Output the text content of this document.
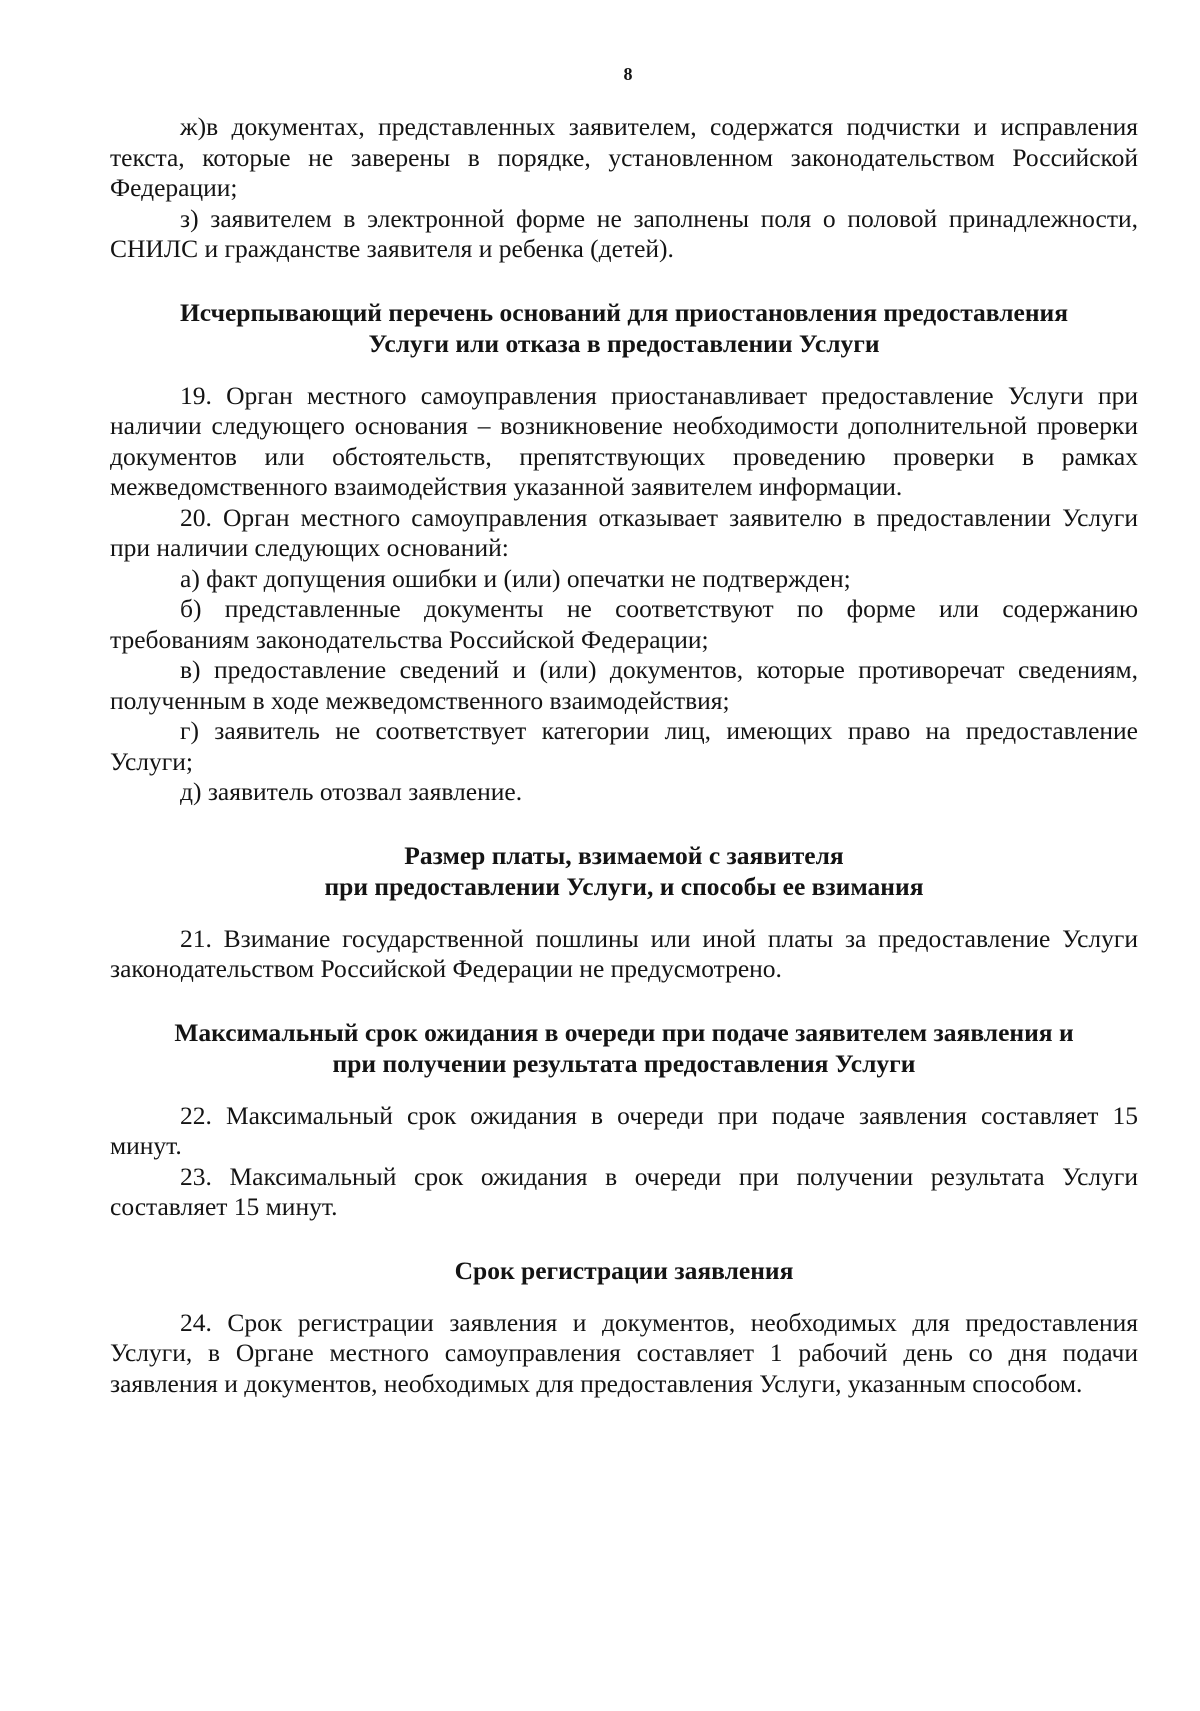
8

ж)в документах, представленных заявителем, содержатся подчистки и исправления текста, которые не заверены в порядке, установленном законодательством Российской Федерации;

з) заявителем в электронной форме не заполнены поля о половой принадлежности, СНИЛС и гражданстве заявителя и ребенка (детей).

Исчерпывающий перечень оснований для приостановления предоставления
Услуги или отказа в предоставлении Услуги

19. Орган местного самоуправления приостанавливает предоставление Услуги при наличии следующего основания – возникновение необходимости дополнительной проверки документов или обстоятельств, препятствующих проведению проверки в рамках межведомственного взаимодействия указанной заявителем информации.

20. Орган местного самоуправления отказывает заявителю в предоставлении Услуги при наличии следующих оснований:

а) факт допущения ошибки и (или) опечатки не подтвержден;

б) представленные документы не соответствуют по форме или содержанию требованиям законодательства Российской Федерации;

в) предоставление сведений и (или) документов, которые противоречат сведениям, полученным в ходе межведомственного взаимодействия;

г) заявитель не соответствует категории лиц, имеющих право на предоставление Услуги;

д) заявитель отозвал заявление.

Размер платы, взимаемой с заявителя
при предоставлении Услуги, и способы ее взимания

21. Взимание государственной пошлины или иной платы за предоставление Услуги законодательством Российской Федерации не предусмотрено.

Максимальный срок ожидания в очереди при подаче заявителем заявления и
при получении результата предоставления Услуги

22. Максимальный срок ожидания в очереди при подаче заявления составляет 15 минут.

23. Максимальный срок ожидания в очереди при получении результата Услуги составляет 15 минут.

Срок регистрации заявления

24. Срок регистрации заявления и документов, необходимых для предоставления Услуги, в Органе местного самоуправления составляет 1 рабочий день со дня подачи заявления и документов, необходимых для предоставления Услуги, указанным способом.
